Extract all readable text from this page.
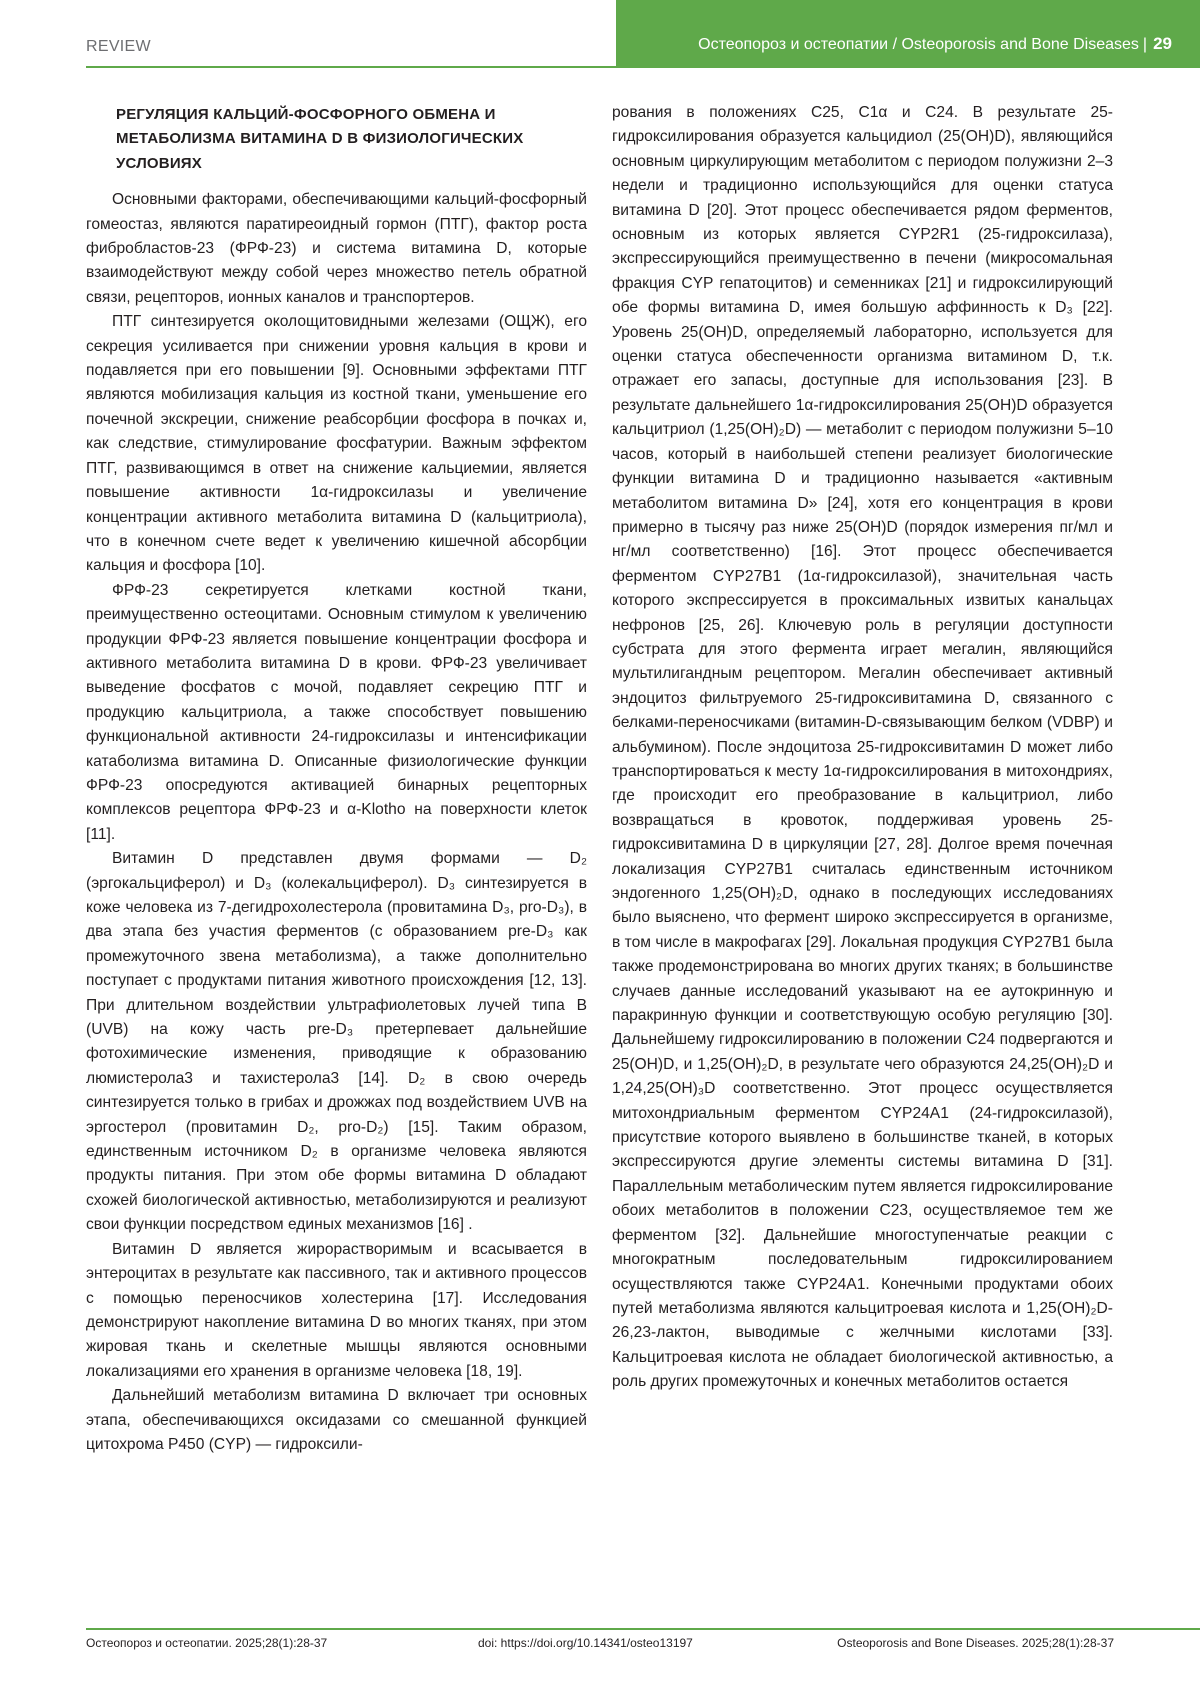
REVIEW	Остеопороз и остеопатии / Osteoporosis and Bone Diseases | 29
РЕГУЛЯЦИЯ КАЛЬЦИЙ-ФОСФОРНОГО ОБМЕНА И МЕТАБОЛИЗМА ВИТАМИНА D В ФИЗИОЛОГИЧЕСКИХ УСЛОВИЯХ

Основными факторами, обеспечивающими кальций-фосфорный гомеостаз, являются паратиреоидный гормон (ПТГ), фактор роста фибробластов-23 (ФРФ-23) и система витамина D, которые взаимодействуют между собой через множество петель обратной связи, рецепторов, ионных каналов и транспортеров.

ПТГ синтезируется околощитовидными железами (ОЩЖ), его секреция усиливается при снижении уровня кальция в крови и подавляется при его повышении [9]. Основными эффектами ПТГ являются мобилизация кальция из костной ткани, уменьшение его почечной экскреции, снижение реабсорбции фосфора в почках и, как следствие, стимулирование фосфатурии. Важным эффектом ПТГ, развивающимся в ответ на снижение кальциемии, является повышение активности 1α-гидроксилазы и увеличение концентрации активного метаболита витамина D (кальцитриола), что в конечном счете ведет к увеличению кишечной абсорбции кальция и фосфора [10].

ФРФ-23 секретируется клетками костной ткани, преимущественно остеоцитами. Основным стимулом к увеличению продукции ФРФ-23 является повышение концентрации фосфора и активного метаболита витамина D в крови. ФРФ-23 увеличивает выведение фосфатов с мочой, подавляет секрецию ПТГ и продукцию кальцитриола, а также способствует повышению функциональной активности 24-гидроксилазы и интенсификации катаболизма витамина D. Описанные физиологические функции ФРФ-23 опосредуются активацией бинарных рецепторных комплексов рецептора ФРФ-23 и α-Klotho на поверхности клеток [11].

Витамин D представлен двумя формами — D₂ (эргокальциферол) и D₃ (колекальциферол). D₃ синтезируется в коже человека из 7-дегидрохолестерола (провитамина D₃, pro-D₃), в два этапа без участия ферментов (с образованием pre-D₃ как промежуточного звена метаболизма), а также дополнительно поступает с продуктами питания животного происхождения [12, 13]. При длительном воздействии ультрафиолетовых лучей типа B (UVB) на кожу часть pre-D₃ претерпевает дальнейшие фотохимические изменения, приводящие к образованию люмистерола3 и тахистерола3 [14]. D₂ в свою очередь синтезируется только в грибах и дрожжах под воздействием UVB на эргостерол (провитамин D₂, pro-D₂) [15]. Таким образом, единственным источником D₂ в организме человека являются продукты питания. При этом обе формы витамина D обладают схожей биологической активностью, метаболизируются и реализуют свои функции посредством единых механизмов [16] .

Витамин D является жирорастворимым и всасывается в энтероцитах в результате как пассивного, так и активного процессов с помощью переносчиков холестерина [17]. Исследования демонстрируют накопление витамина D во многих тканях, при этом жировая ткань и скелетные мышцы являются основными локализациями его хранения в организме человека [18, 19].

Дальнейший метаболизм витамина D включает три основных этапа, обеспечивающихся оксидазами со смешанной функцией цитохрома P450 (CYP) — гидроксили-

рования в положениях C25, C1α и C24. В результате 25-гидроксилирования образуется кальцидиол (25(OH)D), являющийся основным циркулирующим метаболитом с периодом полужизни 2–3 недели и традиционно использующийся для оценки статуса витамина D [20]. Этот процесс обеспечивается рядом ферментов, основным из которых является CYP2R1 (25-гидроксилаза), экспрессирующийся преимущественно в печени (микросомальная фракция CYP гепатоцитов) и семенниках [21] и гидроксилирующий обе формы витамина D, имея большую аффинность к D₃ [22]. Уровень 25(OH)D, определяемый лабораторно, используется для оценки статуса обеспеченности организма витамином D, т.к. отражает его запасы, доступные для использования [23]. В результате дальнейшего 1α-гидроксилирования 25(OH)D образуется кальцитриол (1,25(OH)₂D) — метаболит с периодом полужизни 5–10 часов, который в наибольшей степени реализует биологические функции витамина D и традиционно называется «активным метаболитом витамина D» [24], хотя его концентрация в крови примерно в тысячу раз ниже 25(OH)D (порядок измерения пг/мл и нг/мл соответственно) [16]. Этот процесс обеспечивается ферментом CYP27B1 (1α-гидроксилазой), значительная часть которого экспрессируется в проксимальных извитых канальцах нефронов [25, 26]. Ключевую роль в регуляции доступности субстрата для этого фермента играет мегалин, являющийся мультилигандным рецептором. Мегалин обеспечивает активный эндоцитоз фильтруемого 25-гидроксивитамина D, связанного с белками-переносчиками (витамин-D-связывающим белком (VDBP) и альбумином). После эндоцитоза 25-гидроксивитамин D может либо транспортироваться к месту 1α-гидроксилирования в митохондриях, где происходит его преобразование в кальцитриол, либо возвращаться в кровоток, поддерживая уровень 25-гидроксивитамина D в циркуляции [27, 28]. Долгое время почечная локализация CYP27B1 считалась единственным источником эндогенного 1,25(OH)₂D, однако в последующих исследованиях было выяснено, что фермент широко экспрессируется в организме, в том числе в макрофагах [29]. Локальная продукция CYP27B1 была также продемонстрирована во многих других тканях; в большинстве случаев данные исследований указывают на ее аутокринную и паракринную функции и соответствующую особую регуляцию [30]. Дальнейшему гидроксилированию в положении C24 подвергаются и 25(OH)D, и 1,25(OH)₂D, в результате чего образуются 24,25(OH)₂D и 1,24,25(OH)₃D соответственно. Этот процесс осуществляется митохондриальным ферментом CYP24A1 (24-гидроксилазой), присутствие которого выявлено в большинстве тканей, в которых экспрессируются другие элементы системы витамина D [31]. Параллельным метаболическим путем является гидроксилирование обоих метаболитов в положении C23, осуществляемое тем же ферментом [32]. Дальнейшие многоступенчатые реакции с многократным последовательным гидроксилированием осуществляются также CYP24A1. Конечными продуктами обоих путей метаболизма являются кальцитроевая кислота и 1,25(OH)₂D-26,23-лактон, выводимые с желчными кислотами [33]. Кальцитроевая кислота не обладает биологической активностью, а роль других промежуточных и конечных метаболитов остается

Остеопороз и остеопатии. 2025;28(1):28-37	doi: https://doi.org/10.14341/osteo13197	Osteoporosis and Bone Diseases. 2025;28(1):28-37
